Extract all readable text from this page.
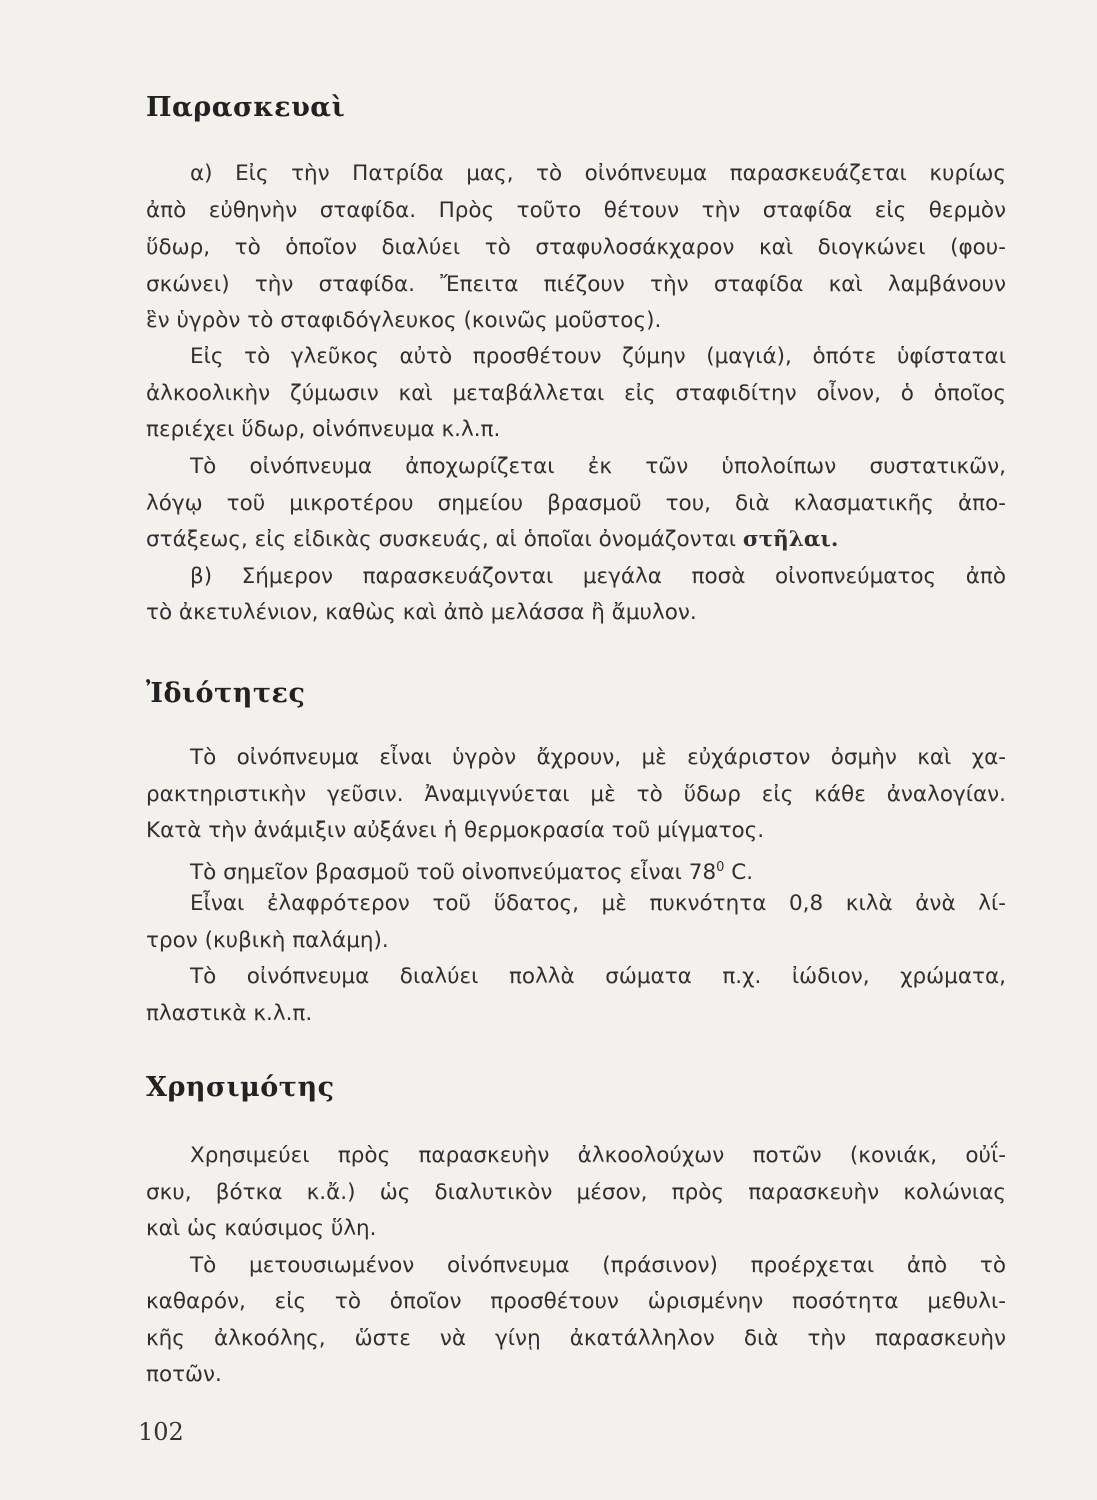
Παρασκευαὶ
α) Εἰς τὴν Πατρίδα μας, τὸ οἰνόπνευμα παρασκευάζεται κυρίως
ἀπὸ εὐθηνὴν σταφίδα. Πρὸς τοῦτο θέτουν τὴν σταφίδα εἰς θερμὸν
ὕδωρ, τὸ ὁποῖον διαλύει τὸ σταφυλοσάκχαρον καὶ διογκώνει (φου-
σκώνει) τὴν σταφίδα. Ἔπειτα πιέζουν τὴν σταφίδα καὶ λαμβάνουν
ἓν ὑγρὸν τὸ σταφιδόγλευκος (κοινῶς μοῦστος).
Εἰς τὸ γλεῦκος αὐτὸ προσθέτουν ζύμην (μαγιά), ὁπότε ὑφίσταται
ἀλκοολικὴν ζύμωσιν καὶ μεταβάλλεται εἰς σταφιδίτην οἶνον, ὁ ὁποῖος
περιέχει ὕδωρ, οἰνόπνευμα κ.λ.π.
Τὸ οἰνόπνευμα ἀποχωρίζεται ἐκ τῶν ὑπολοίπων συστατικῶν,
λόγῳ τοῦ μικροτέρου σημείου βρασμοῦ του, διὰ κλασματικῆς ἀπο-
στάξεως, εἰς εἰδικὰς συσκευάς, αἱ ὁποῖαι ὀνομάζονται στῆλαι.
β) Σήμερον παρασκευάζονται μεγάλα ποσὰ οἰνοπνεύματος ἀπὸ
τὸ ἀκετυλένιον, καθὼς καὶ ἀπὸ μελάσσα ἢ ἄμυλον.
Ἰδιότητες
Τὸ οἰνόπνευμα εἶναι ὑγρὸν ἄχρουν, μὲ εὐχάριστον ὀσμὴν καὶ χα-
ρακτηριστικὴν γεῦσιν. Ἀναμιγνύεται μὲ τὸ ὕδωρ εἰς κάθε ἀναλογίαν.
Κατὰ τὴν ἀνάμιξιν αὐξάνει ἡ θερμοκρασία τοῦ μίγματος.
Τὸ σημεῖον βρασμοῦ τοῦ οἰνοπνεύματος εἶναι $78^0$ C.
Εἶναι ἐλαφρότερον τοῦ ὕδατος, μὲ πυκνότητα 0,8 κιλὰ ἀνὰ λί-
τρον (κυβικὴ παλάμη).
Τὸ οἰνόπνευμα διαλύει πολλὰ σώματα π.χ. ἰώδιον, χρώματα,
πλαστικὰ κ.λ.π.
Χρησιμότης
Χρησιμεύει πρὸς παρασκευὴν ἀλκοολούχων ποτῶν (κονιάκ, οὐΐ-
σκυ, βότκα κ.ἄ.) ὡς διαλυτικὸν μέσον, πρὸς παρασκευὴν κολώνιας
καὶ ὡς καύσιμος ὕλη.
Τὸ μετουσιωμένον οἰνόπνευμα (πράσινον) προέρχεται ἀπὸ τὸ
καθαρόν, εἰς τὸ ὁποῖον προσθέτουν ὡρισμένην ποσότητα μεθυλι-
κῆς ἀλκοόλης, ὥστε νὰ γίνῃ ἀκατάλληλον διὰ τὴν παρασκευὴν
ποτῶν.
102
